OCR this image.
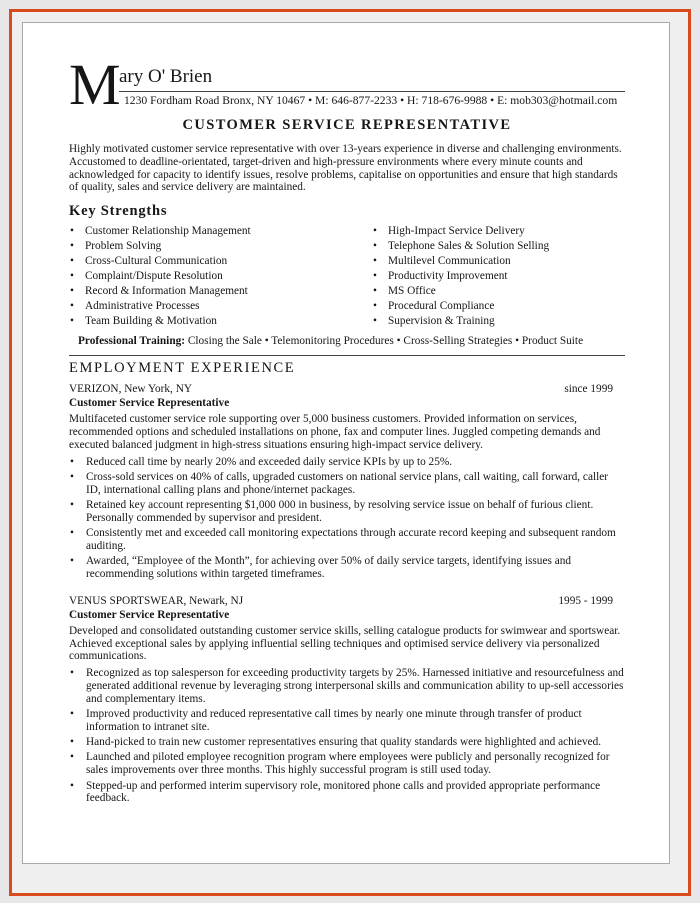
M
ary O' Brien
1230 Fordham Road Bronx, NY 10467 • M: 646-877-2233 • H: 718-676-9988 • E: mob303@hotmail.com
CUSTOMER SERVICE REPRESENTATIVE

Highly motivated customer service representative with over 13-years experience in diverse and challenging environments. Accustomed to deadline-orientated, target-driven and high-pressure environments where every minute counts and acknowledged for capacity to identify issues, resolve problems, capitalise on opportunities and ensure that high standards of quality, sales and service delivery are maintained.

Key Strengths
• Customer Relationship Management
• Problem Solving
• Cross-Cultural Communication
• Complaint/Dispute Resolution
• Record & Information Management
• Administrative Processes
• Team Building & Motivation
• High-Impact Service Delivery
• Telephone Sales & Solution Selling
• Multilevel Communication
• Productivity Improvement
• MS Office
• Procedural Compliance
• Supervision & Training
Professional Training: Closing the Sale • Telemonitoring Procedures • Cross-Selling Strategies • Product Suite
EMPLOYMENT EXPERIENCE
VERIZON, New York, NY	since 1999
Customer Service Representative

Multifaceted customer service role supporting over 5,000 business customers. Provided information on services, recommended options and scheduled installations on phone, fax and computer lines. Juggled competing demands and executed balanced judgment in high-stress situations ensuring high-impact service delivery.

• Reduced call time by nearly 20% and exceeded daily service KPIs by up to 25%.
• Cross-sold services on 40% of calls, upgraded customers on national service plans, call waiting, call forward, caller ID, international calling plans and phone/internet packages.
• Retained key account representing $1,000 000 in business, by resolving service issue on behalf of furious client. Personally commended by supervisor and president.
• Consistently met and exceeded call monitoring expectations through accurate record keeping and subsequent random auditing.
• Awarded, “Employee of the Month”, for achieving over 50% of daily service targets, identifying issues and recommending solutions within targeted timeframes.
VENUS SPORTSWEAR, Newark, NJ	1995 - 1999
Customer Service Representative

Developed and consolidated outstanding customer service skills, selling catalogue products for swimwear and sportswear. Achieved exceptional sales by applying influential selling techniques and optimised service delivery via personalized communications.

• Recognized as top salesperson for exceeding productivity targets by 25%. Harnessed initiative and resourcefulness and generated additional revenue by leveraging strong interpersonal skills and communication ability to up-sell accessories and complementary items.
• Improved productivity and reduced representative call times by nearly one minute through transfer of product information to intranet site.
• Hand-picked to train new customer representatives ensuring that quality standards were highlighted and achieved.
• Launched and piloted employee recognition program where employees were publicly and personally recognized for sales improvements over three months. This highly successful program is still used today.
• Stepped-up and performed interim supervisory role, monitored phone calls and provided appropriate performance feedback.
